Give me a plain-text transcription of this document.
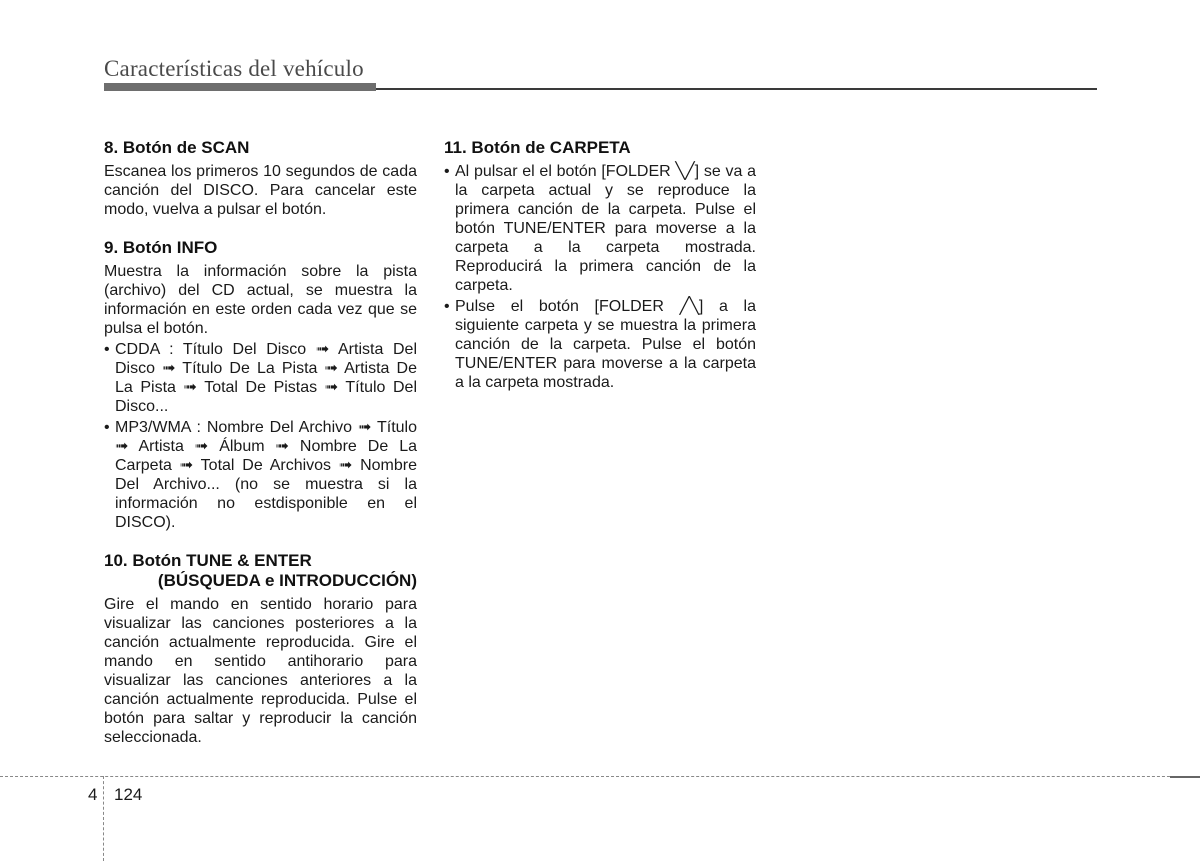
Características del vehículo
8. Botón de SCAN

Escanea los primeros 10 segundos de cada canción del DISCO. Para cancelar este modo, vuelva a pulsar el botón.

9. Botón INFO

Muestra la información sobre la pista (archivo) del CD actual, se muestra la información en este orden cada vez que se pulsa el botón.

• CDDA : Título Del Disco ➟ Artista Del Disco ➟ Título De La Pista ➟ Artista De La Pista ➟ Total De Pistas ➟ Título Del Disco...
• MP3/WMA : Nombre Del Archivo ➟ Título ➟ Artista ➟ Álbum ➟ Nombre De La Carpeta ➟ Total De Archivos ➟ Nombre Del Archivo... (no se muestra si la información no estdisponible en el DISCO).
10. Botón TUNE & ENTER
(BÚSQUEDA e INTRODUCCIÓN)

Gire el mando en sentido horario para visualizar las canciones posteriores a la canción actualmente reproducida. Gire el mando en sentido antihorario para visualizar las canciones anteriores a la canción actualmente reproducida. Pulse el botón para saltar y reproducir la canción seleccionada.

11. Botón de CARPETA
• Al pulsar el el botón [FOLDER ╲╱] se va a la carpeta actual y se reproduce la primera canción de la carpeta. Pulse el botón TUNE/ENTER para moverse a la carpeta a la carpeta mostrada. Reproducirá la primera canción de la carpeta.
• Pulse el botón [FOLDER ╱╲] a la siguiente carpeta y se muestra la primera canción de la carpeta. Pulse el botón TUNE/ENTER para moverse a la carpeta a la carpeta mostrada.
4 124
